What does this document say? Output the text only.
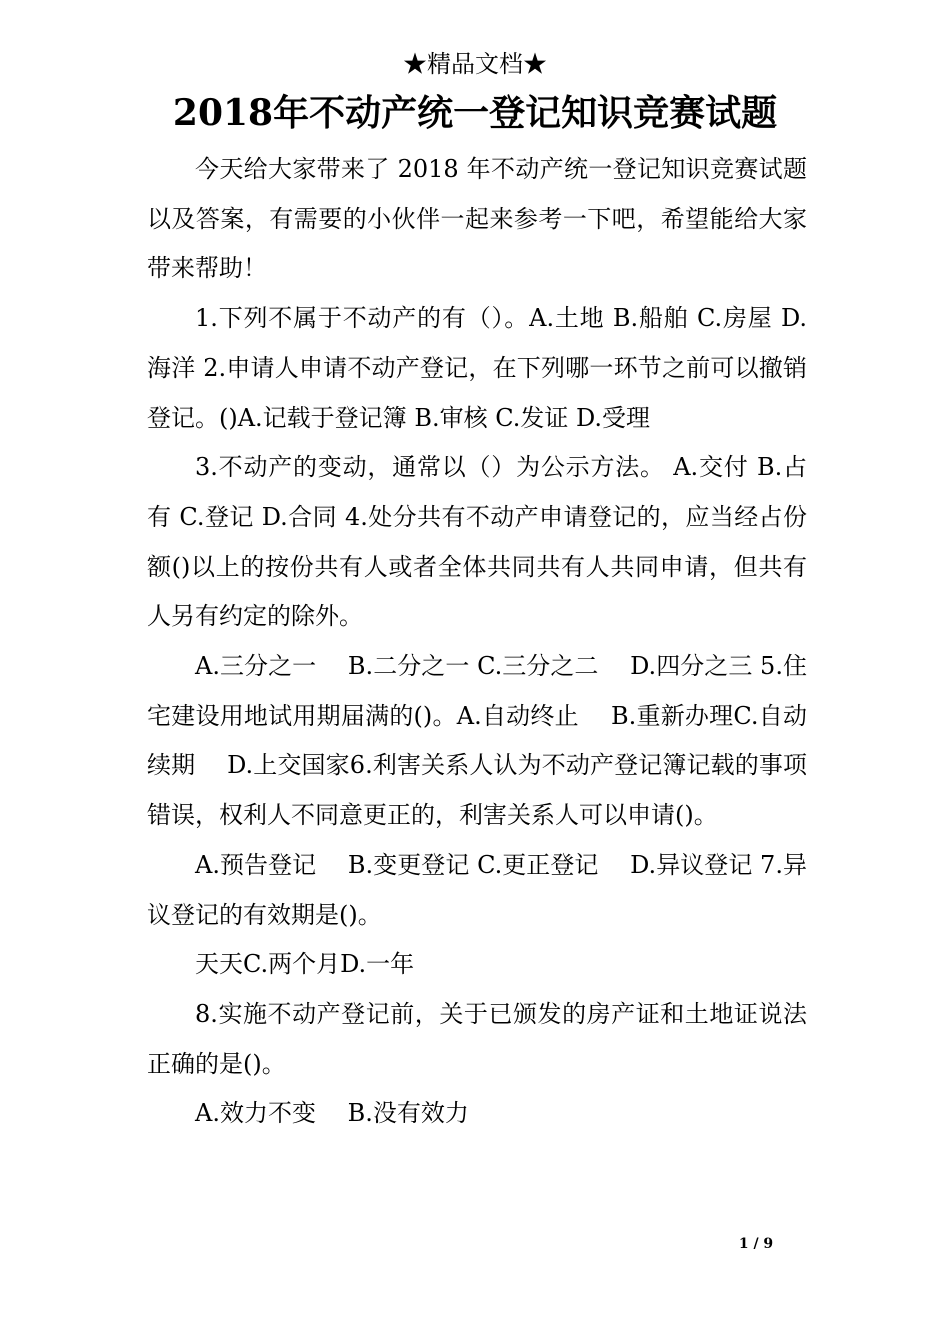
★精品文档★
2018年不动产统一登记知识竞赛试题

今天给大家带来了 2018 年不动产统一登记知识竞赛试题以及答案，有需要的小伙伴一起来参考一下吧，希望能给大家带来帮助！

1.下列不属于不动产的有（）。A.土地 B.船舶 C.房屋 D.海洋 2.申请人申请不动产登记，在下列哪一环节之前可以撤销登记。()A.记载于登记簿 B.审核 C.发证 D.受理

3.不动产的变动，通常以（）为公示方法。 A.交付 B.占有 C.登记 D.合同 4.处分共有不动产申请登记的，应当经占份额()以上的按份共有人或者全体共同共有人共同申请，但共有人另有约定的除外。

A.三分之一　 B.二分之一 C.三分之二　 D.四分之三 5.住宅建设用地试用期届满的()。A.自动终止　 B.重新办理C.自动续期　 D.上交国家6.利害关系人认为不动产登记簿记载的事项错误，权利人不同意更正的，利害关系人可以申请()。

A.预告登记　 B.变更登记 C.更正登记　 D.异议登记 7.异议登记的有效期是()。

天天C.两个月D.一年

8.实施不动产登记前，关于已颁发的房产证和土地证说法正确的是()。

A.效力不变　 B.没有效力

1 / 9
